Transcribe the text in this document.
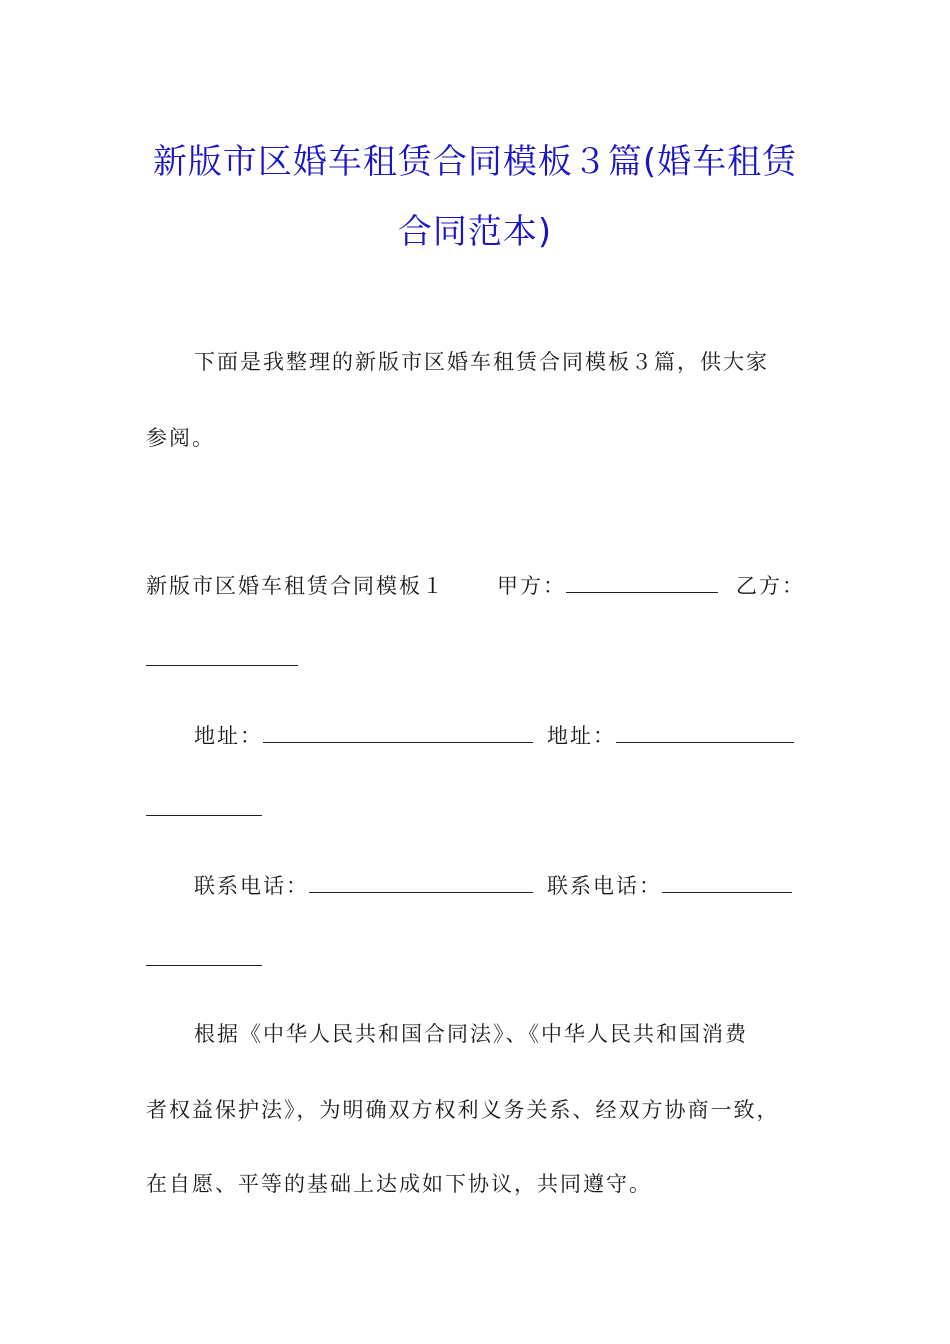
新版市区婚车租赁合同模板３篇(婚车租赁
合同范本)
下面是我整理的新版市区婚车租赁合同模板３篇，供大家
参阅。
新版市区婚车租赁合同模板１ 甲方：	乙方：
地址：	地址：
联系电话：	联系电话：
根据《中华人民共和国合同法》、《中华人民共和国消费
者权益保护法》，为明确双方权利义务关系、经双方协商一致，
在自愿、平等的基础上达成如下协议，共同遵守。
